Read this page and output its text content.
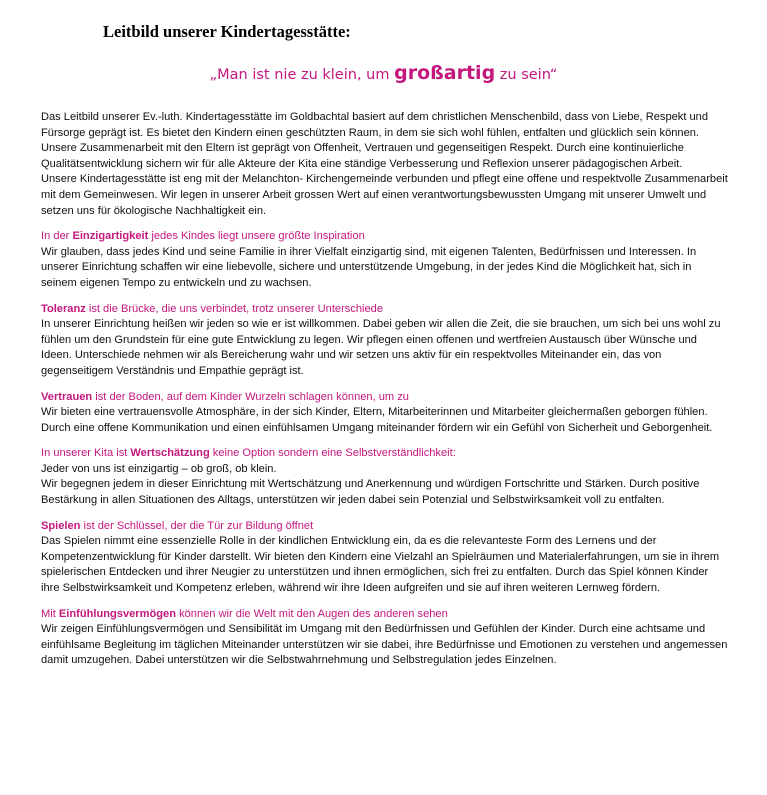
Leitbild unserer Kindertagesstätte:

„Man ist nie zu klein, um großartig zu sein“

Das Leitbild unserer Ev.-luth. Kindertagesstätte im Goldbachtal basiert auf dem christlichen Menschenbild, dass von Liebe, Respekt und Fürsorge geprägt ist. Es bietet den Kindern einen geschützten Raum, in dem sie sich wohl fühlen, entfalten und glücklich sein können. Unsere Zusammenarbeit mit den Eltern ist geprägt von Offenheit, Vertrauen und gegenseitigen Respekt. Durch eine kontinuierliche Qualitätsentwicklung sichern wir für alle Akteure der Kita eine ständige Verbesserung und Reflexion unserer pädagogischen Arbeit.

Unsere Kindertagesstätte ist eng mit der Melanchton- Kirchengemeinde verbunden und pflegt eine offene und respektvolle Zusammenarbeit mit dem Gemeinwesen. Wir legen in unserer Arbeit grossen Wert auf einen verantwortungsbewussten Umgang mit unserer Umwelt und setzen uns für ökologische Nachhaltigkeit ein.

In der Einzigartigkeit jedes Kindes liegt unsere größte Inspiration

Wir glauben, dass jedes Kind und seine Familie in ihrer Vielfalt einzigartig sind, mit eigenen Talenten, Bedürfnissen und Interessen. In unserer Einrichtung schaffen wir eine liebevolle, sichere und unterstützende Umgebung, in der jedes Kind die Möglichkeit hat, sich in seinem eigenen Tempo zu entwickeln und zu wachsen.

Toleranz ist die Brücke, die uns verbindet, trotz unserer Unterschiede

In unserer Einrichtung heißen wir jeden so wie er ist willkommen. Dabei geben wir allen die Zeit, die sie brauchen, um sich bei uns wohl zu fühlen um den Grundstein für eine gute Entwicklung zu legen. Wir pflegen einen offenen und wertfreien Austausch über Wünsche und Ideen. Unterschiede nehmen wir als Bereicherung wahr und wir setzen uns aktiv für ein respektvolles Miteinander ein, das von gegenseitigem Verständnis und Empathie geprägt ist.

Vertrauen ist der Boden, auf dem Kinder Wurzeln schlagen können, um zu

Wir bieten eine vertrauensvolle Atmosphäre, in der sich Kinder, Eltern, Mitarbeiterinnen und Mitarbeiter gleichermaßen geborgen fühlen. Durch eine offene Kommunikation und einen einfühlsamen Umgang miteinander fördern wir ein Gefühl von Sicherheit und Geborgenheit.

In unserer Kita ist Wertschätzung keine Option sondern eine Selbstverständlichkeit:

Jeder von uns ist einzigartig – ob groß, ob klein.

Wir begegnen jedem in dieser Einrichtung mit Wertschätzung und Anerkennung und würdigen Fortschritte und Stärken. Durch positive Bestärkung in allen Situationen des Alltags, unterstützen wir jeden dabei sein Potenzial und Selbstwirksamkeit voll zu entfalten.

Spielen ist der Schlüssel, der die Tür zur Bildung öffnet

Das Spielen nimmt eine essenzielle Rolle in der kindlichen Entwicklung ein, da es die relevanteste Form des Lernens und der Kompetenzentwicklung für Kinder darstellt. Wir bieten den Kindern eine Vielzahl an Spielräumen und Materialerfahrungen, um sie in ihrem spielerischen Entdecken und ihrer Neugier zu unterstützen und ihnen ermöglichen, sich frei zu entfalten. Durch das Spiel können Kinder ihre Selbstwirksamkeit und Kompetenz erleben, während wir ihre Ideen aufgreifen und sie auf ihren weiteren Lernweg fördern.

Mit Einfühlungsvermögen können wir die Welt mit den Augen des anderen sehen

Wir zeigen Einfühlungsvermögen und Sensibilität im Umgang mit den Bedürfnissen und Gefühlen der Kinder. Durch eine achtsame und einfühlsame Begleitung im täglichen Miteinander unterstützen wir sie dabei, ihre Bedürfnisse und Emotionen zu verstehen und angemessen damit umzugehen. Dabei unterstützen wir die Selbstwahrnehmung und Selbstregulation jedes Einzelnen.
